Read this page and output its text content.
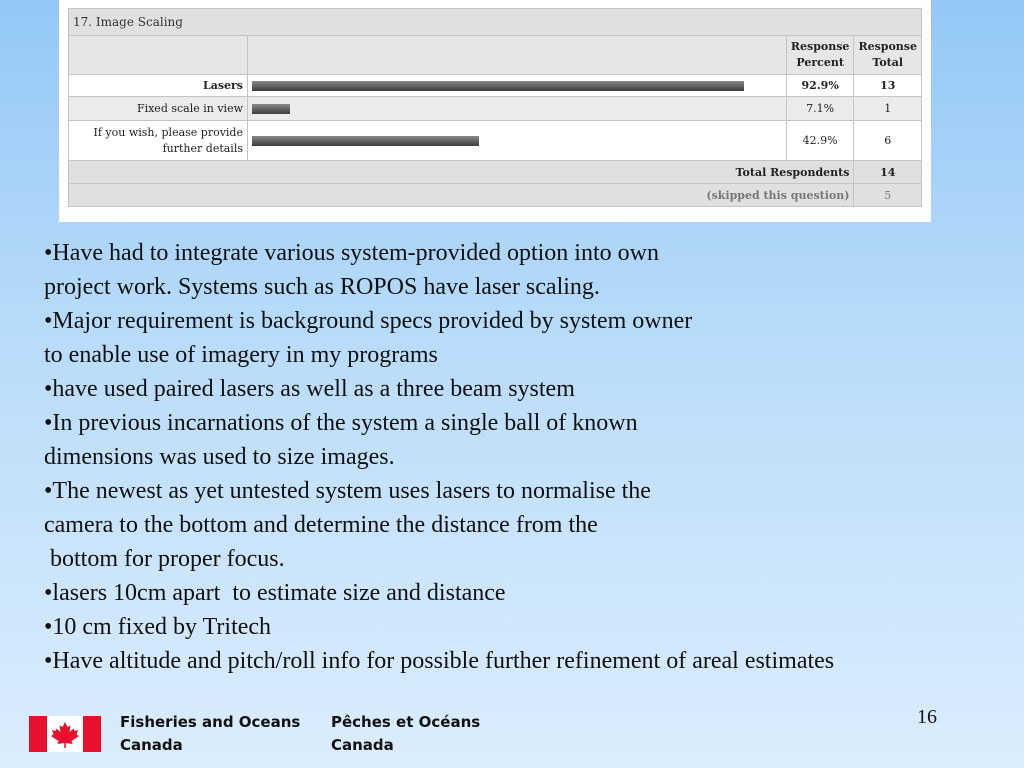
17. Image Scaling			
		Response Percent	Response Total
Lasers		92.9%	13
Fixed scale in view		7.1%	1
If you wish, please provide further details		42.9%	6
Total Respondents			14
(skipped this question)			5
•Have had to integrate various system-provided option into own
project work. Systems such as ROPOS have laser scaling.
•Major requirement is background specs provided by system owner
to enable use of imagery in my programs
•have used paired lasers as well as a three beam system
•In previous incarnations of the system a single ball of known
dimensions was used to size images.
•The newest as yet untested system uses lasers to normalise the
camera to the bottom and determine the distance from the
bottom for proper focus.
•lasers 10cm apart  to estimate size and distance
•10 cm fixed by Tritech
•Have altitude and pitch/roll info for possible further refinement of areal estimates
Fisheries and Oceans
Canada
Pêches et Océans
Canada
16
